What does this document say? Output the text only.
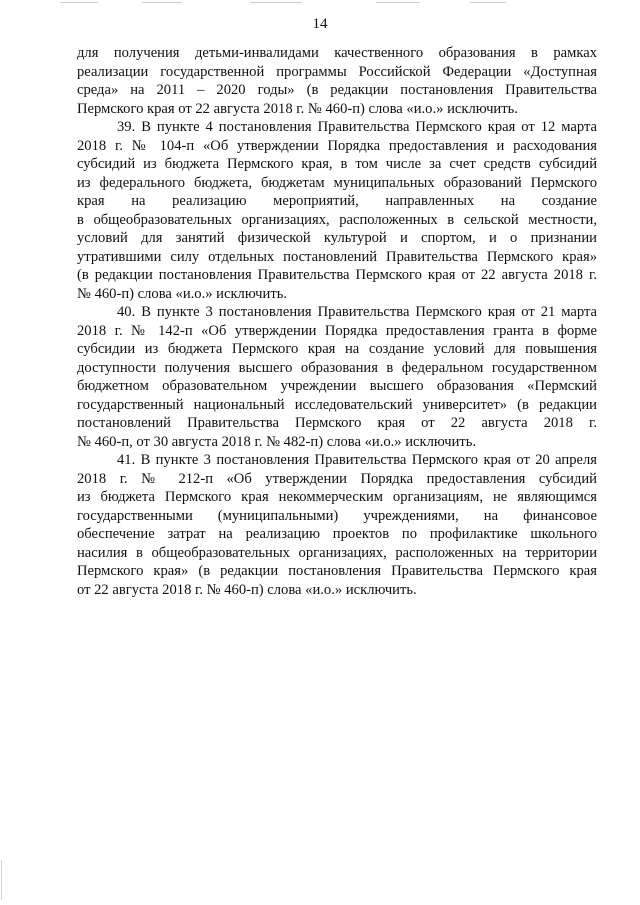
14
для получения детьми-инвалидами качественного образования в рамках
реализации государственной программы Российской Федерации «Доступная
среда» на 2011 – 2020 годы» (в редакции постановления Правительства
Пермского края от 22 августа 2018 г. № 460-п) слова «и.о.» исключить.
39. В пункте 4 постановления Правительства Пермского края от 12 марта
2018 г. № 104-п «Об утверждении Порядка предоставления и расходования
субсидий из бюджета Пермского края, в том числе за счет средств субсидий
из федерального бюджета, бюджетам муниципальных образований Пермского
края на реализацию мероприятий, направленных на создание
в общеобразовательных организациях, расположенных в сельской местности,
условий для занятий физической культурой и спортом, и о признании
утратившими силу отдельных постановлений Правительства Пермского края»
(в редакции постановления Правительства Пермского края от 22 августа 2018 г.
№ 460-п) слова «и.о.» исключить.
40. В пункте 3 постановления Правительства Пермского края от 21 марта
2018 г. № 142-п «Об утверждении Порядка предоставления гранта в форме
субсидии из бюджета Пермского края на создание условий для повышения
доступности получения высшего образования в федеральном государственном
бюджетном образовательном учреждении высшего образования «Пермский
государственный национальный исследовательский университет» (в редакции
постановлений Правительства Пермского края от 22 августа 2018 г.
№ 460-п, от 30 августа 2018 г. № 482-п) слова «и.о.» исключить.
41. В пункте 3 постановления Правительства Пермского края от 20 апреля
2018 г. № 212-п «Об утверждении Порядка предоставления субсидий
из бюджета Пермского края некоммерческим организациям, не являющимся
государственными (муниципальными) учреждениями, на финансовое
обеспечение затрат на реализацию проектов по профилактике школьного
насилия в общеобразовательных организациях, расположенных на территории
Пермского края» (в редакции постановления Правительства Пермского края
от 22 августа 2018 г. № 460-п) слова «и.о.» исключить.
